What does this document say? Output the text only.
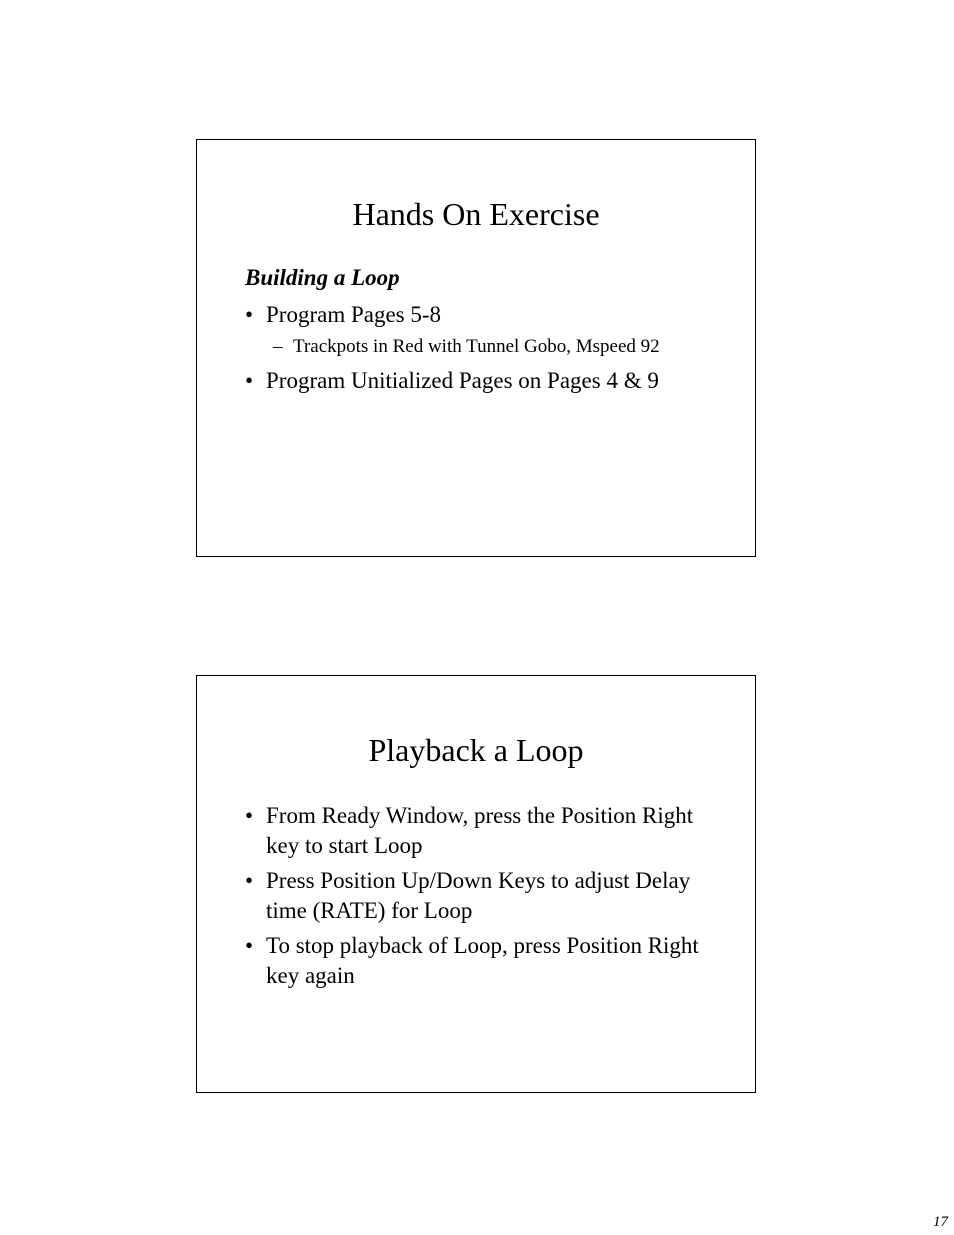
Hands On Exercise
Building a Loop
• Program Pages 5-8
– Trackpots in Red with Tunnel Gobo, Mspeed 92
• Program Unitialized Pages on Pages 4 & 9
Playback a Loop
• From Ready Window, press the Position Right key to start Loop
• Press Position Up/Down Keys to adjust Delay time (RATE) for Loop
• To stop playback of Loop, press Position Right key again
17
